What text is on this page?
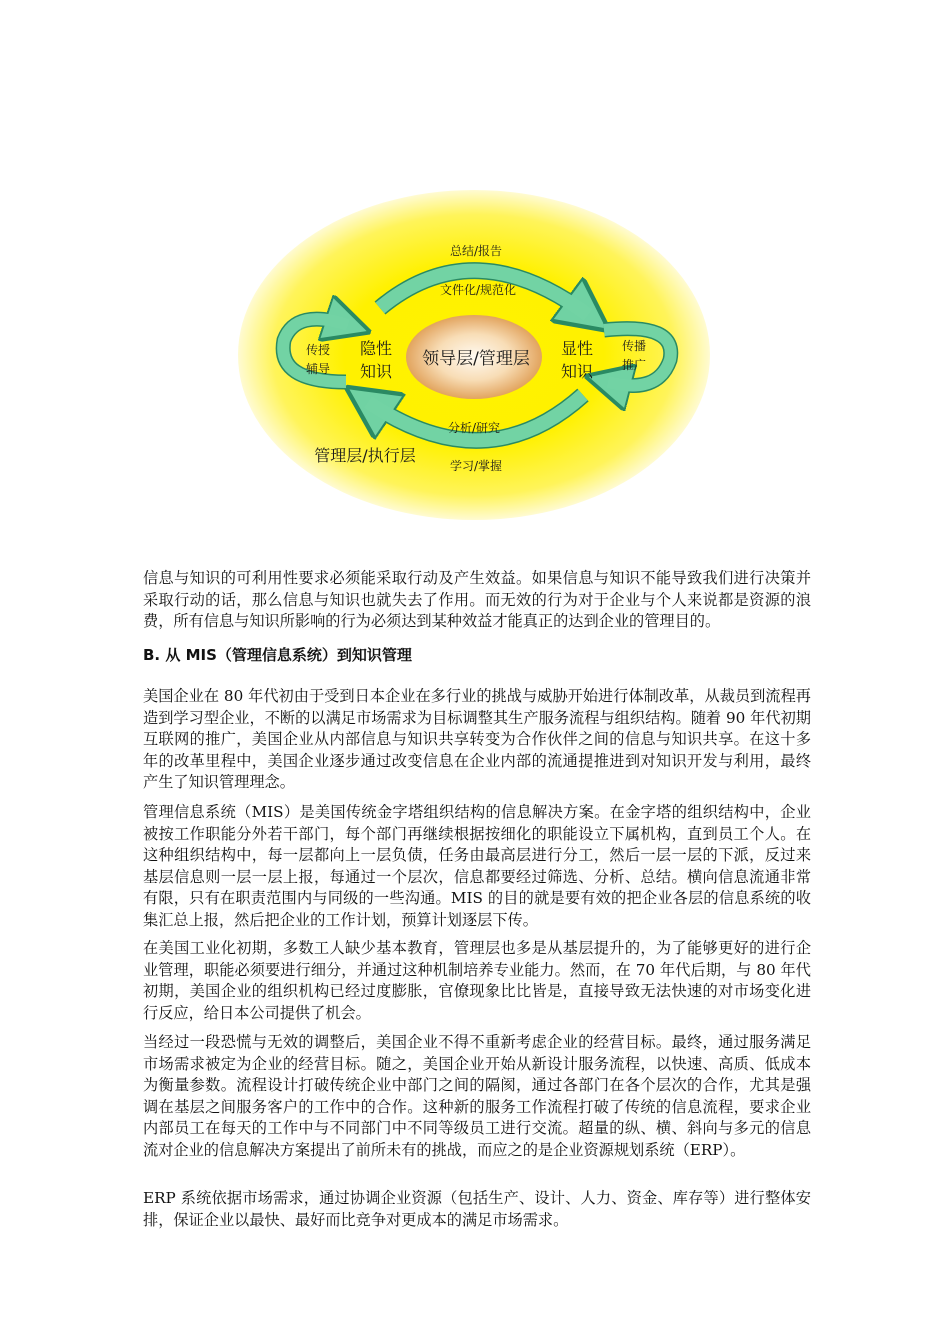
领导层/管理层
隐性
知识
显性
知识
传授
辅导
传播
推广
总结/报告
文件化/规范化
分析/研究
学习/掌握
管理层/执行层
信息与知识的可利用性要求必须能采取行动及产生效益。如果信息与知识不能导致我们进行决策并采取行动的话，那么信息与知识也就失去了作用。而无效的行为对于企业与个人来说都是资源的浪费，所有信息与知识所影响的行为必须达到某种效益才能真正的达到企业的管理目的。
B. 从 MIS（管理信息系统）到知识管理
美国企业在 80 年代初由于受到日本企业在多行业的挑战与威胁开始进行体制改革，从裁员到流程再造到学习型企业，不断的以满足市场需求为目标调整其生产服务流程与组织结构。随着 90 年代初期互联网的推广，美国企业从内部信息与知识共享转变为合作伙伴之间的信息与知识共享。在这十多年的改革里程中，美国企业逐步通过改变信息在企业内部的流通提推进到对知识开发与利用，最终产生了知识管理理念。
管理信息系统（MIS）是美国传统金字塔组织结构的信息解决方案。在金字塔的组织结构中，企业被按工作职能分外若干部门，每个部门再继续根据按细化的职能设立下属机构，直到员工个人。在这种组织结构中，每一层都向上一层负债，任务由最高层进行分工，然后一层一层的下派，反过来基层信息则一层一层上报，每通过一个层次，信息都要经过筛选、分析、总结。横向信息流通非常有限，只有在职责范围内与同级的一些沟通。MIS 的目的就是要有效的把企业各层的信息系统的收集汇总上报，然后把企业的工作计划，预算计划逐层下传。
在美国工业化初期，多数工人缺少基本教育，管理层也多是从基层提升的，为了能够更好的进行企业管理，职能必须要进行细分，并通过这种机制培养专业能力。然而，在 70 年代后期，与 80 年代初期，美国企业的组织机构已经过度膨胀，官僚现象比比皆是，直接导致无法快速的对市场变化进行反应，给日本公司提供了机会。
当经过一段恐慌与无效的调整后，美国企业不得不重新考虑企业的经营目标。最终，通过服务满足市场需求被定为企业的经营目标。随之，美国企业开始从新设计服务流程，以快速、高质、低成本为衡量参数。流程设计打破传统企业中部门之间的隔阂，通过各部门在各个层次的合作，尤其是强调在基层之间服务客户的工作中的合作。这种新的服务工作流程打破了传统的信息流程，要求企业内部员工在每天的工作中与不同部门中不同等级员工进行交流。超量的纵、横、斜向与多元的信息流对企业的信息解决方案提出了前所未有的挑战，而应之的是企业资源规划系统（ERP）。
ERP 系统依据市场需求，通过协调企业资源（包括生产、设计、人力、资金、库存等）进行整体安排，保证企业以最快、最好而比竞争对更成本的满足市场需求。
